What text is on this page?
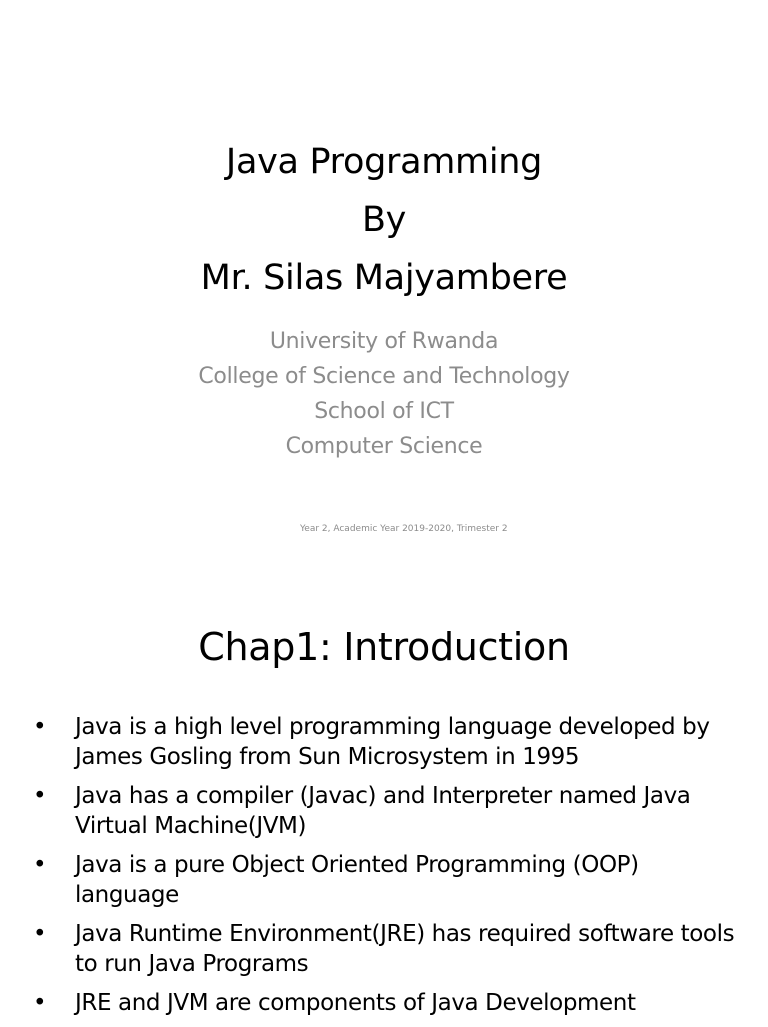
Java Programming
By
Mr. Silas Majyambere
University of Rwanda
College of Science and Technology
School of ICT
Computer Science
Year 2, Academic Year 2019-2020, Trimester 2
Chap1: Introduction
• Java is a high level programming language developed by James Gosling from Sun Microsystem in 1995
• Java has a compiler (Javac) and Interpreter named Java Virtual Machine(JVM)
• Java is a pure Object Oriented Programming (OOP) language
• Java Runtime Environment(JRE) has required software tools to run Java Programs
• JRE and JVM are components of Java Development
